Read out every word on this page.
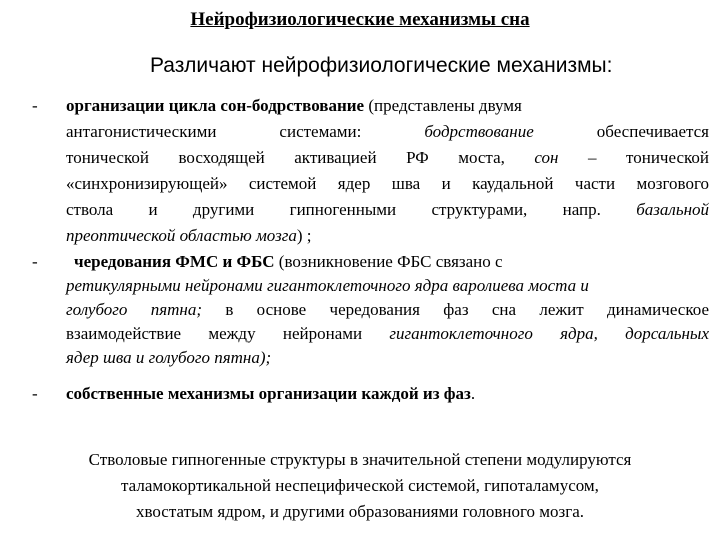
Нейрофизиологические механизмы сна
Различают нейрофизиологические механизмы:
- организации цикла сон-бодрствование (представлены двумя
антагонистическими системами: бодрствование обеспечивается
тонической восходящей активацией РФ моста, сон – тонической
«синхронизирующей» системой ядер шва и каудальной части мозгового
ствола и другими гипногенными структурами, напр. базальной
преоптической областью мозга) ;
- чередования ФМС и ФБС (возникновение ФБС связано с
ретикулярными нейронами гигантоклеточного ядра варолиева моста и
голубого пятна; в основе чередования фаз сна лежит динамическое
взаимодействие между нейронами гигантоклеточного ядра, дорсальных
ядер шва и голубого пятна);
- собственные механизмы организации каждой из фаз.
Стволовые гипногенные структуры в значительной степени модулируются
таламокортикальной неспецифической системой, гипоталамусом,
хвостатым ядром, и другими образованиями головного мозга.
